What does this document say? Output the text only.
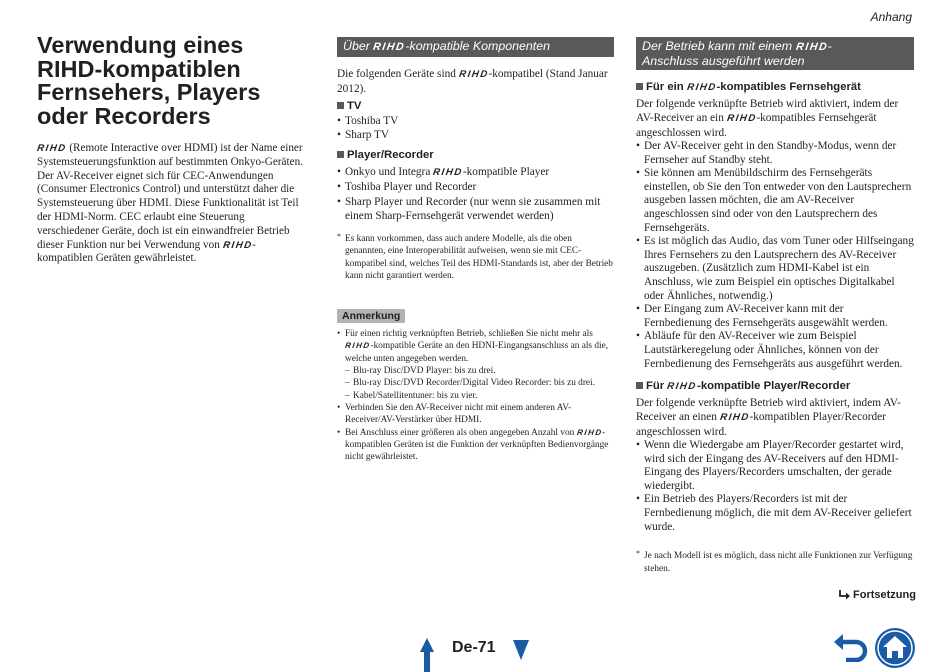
Anhang
Verwendung eines RIHD-kompatiblen Fernsehers, Players oder Recorders
RIHD (Remote Interactive over HDMI) ist der Name einer Systemsteuerungsfunktion auf bestimmten Onkyo-Geräten. Der AV-Receiver eignet sich für CEC-Anwendungen (Consumer Electronics Control) und unterstützt daher die Systemsteuerung über HDMI. Diese Funktionalität ist Teil der HDMI-Norm. CEC erlaubt eine Steuerung verschiedener Geräte, doch ist ein einwandfreier Betrieb dieser Funktion nur bei Verwendung von RIHD-kompatiblen Geräten gewährleistet.
Über RIHD-kompatible Komponenten
Die folgenden Geräte sind RIHD-kompatibel (Stand Januar 2012).
TV
• Toshiba TV
• Sharp TV
Player/Recorder
• Onkyo und Integra RIHD-kompatible Player
• Toshiba Player und Recorder
• Sharp Player und Recorder (nur wenn sie zusammen mit einem Sharp-Fernsehgerät verwendet werden)
* Es kann vorkommen, dass auch andere Modelle, als die oben genannten, eine Interoperabilität aufweisen, wenn sie mit CEC-kompatibel sind, welches Teil des HDMI-Standards ist, aber der Betrieb kann nicht garantiert werden.
Anmerkung
• Für einen richtig verknüpften Betrieb, schließen Sie nicht mehr als RIHD-kompatible Geräte an den HDNI-Eingangsanschluss an als die, welche unten angegeben werden.
– Blu-ray Disc/DVD Player: bis zu drei.
– Blu-ray Disc/DVD Recorder/Digital Video Recorder: bis zu drei.
– Kabel/Satellitentuner: bis zu vier.
• Verbinden Sie den AV-Receiver nicht mit einem anderen AV-Receiver/AV-Verstärker über HDMI.
• Bei Anschluss einer größeren als oben angegeben Anzahl von RIHD-kompatiblen Geräten ist die Funktion der verknüpften Bedienvorgänge nicht gewährleistet.
Der Betrieb kann mit einem RIHD-
Anschluss ausgeführt werden
Für ein RIHD-kompatibles Fernsehgerät
Der folgende verknüpfte Betrieb wird aktiviert, indem der AV-Receiver an ein RIHD-kompatibles Fernsehgerät angeschlossen wird.
• Der AV-Receiver geht in den Standby-Modus, wenn der Fernseher auf Standby steht.
• Sie können am Menübildschirm des Fernsehgeräts einstellen, ob Sie den Ton entweder von den Lautsprechern ausgeben lassen möchten, die am AV-Receiver angeschlossen sind oder von den Lautsprechern des Fernsehgeräts.
• Es ist möglich das Audio, das vom Tuner oder Hilfseingang Ihres Fernsehers zu den Lautsprechern des AV-Receiver auszugeben. (Zusätzlich zum HDMI-Kabel ist ein Anschluss, wie zum Beispiel ein optisches Digitalkabel oder Ähnliches, notwendig.)
• Der Eingang zum AV-Receiver kann mit der Fernbedienung des Fernsehgeräts ausgewählt werden.
• Abläufe für den AV-Receiver wie zum Beispiel Lautstärkeregelung oder Ähnliches, können von der Fernbedienung des Fernsehgeräts aus ausgeführt werden.
Für RIHD-kompatible Player/Recorder
Der folgende verknüpfte Betrieb wird aktiviert, indem AV-Receiver an einen RIHD-kompatiblen Player/Recorder angeschlossen wird.
• Wenn die Wiedergabe am Player/Recorder gestartet wird, wird sich der Eingang des AV-Receivers auf den HDMI-Eingang des Players/Recorders umschalten, der gerade wiedergibt.
• Ein Betrieb des Players/Recorders ist mit der Fernbedienung möglich, die mit dem AV-Receiver geliefert wurde.
* Je nach Modell ist es möglich, dass nicht alle Funktionen zur Verfügung stehen.
Fortsetzung
De-71
